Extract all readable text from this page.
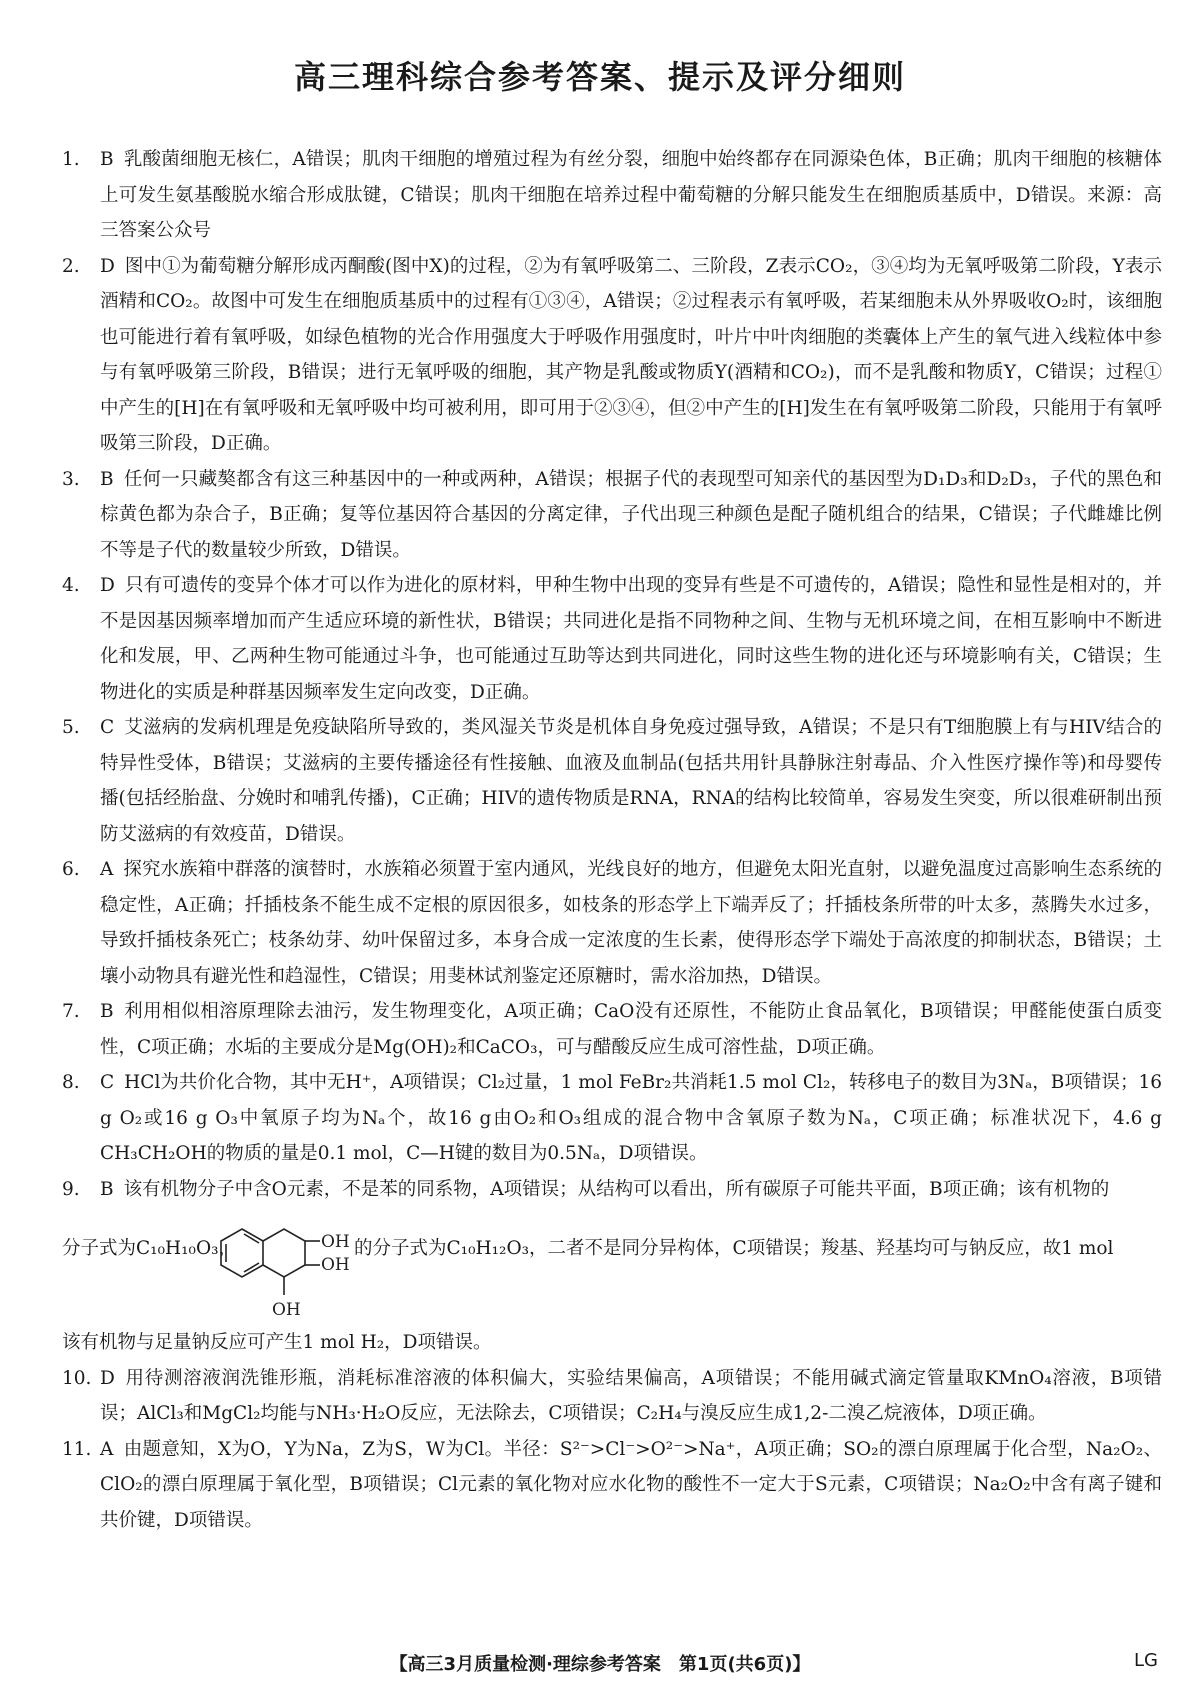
高三理科综合参考答案、提示及评分细则

1. B 乳酸菌细胞无核仁，A错误；肌肉干细胞的增殖过程为有丝分裂，细胞中始终都存在同源染色体，B正确；肌肉干细胞的核糖体上可发生氨基酸脱水缩合形成肽键，C错误；肌肉干细胞在培养过程中葡萄糖的分解只能发生在细胞质基质中，D错误。来源：高三答案公众号

2. D 图中①为葡萄糖分解形成丙酮酸(图中X)的过程，②为有氧呼吸第二、三阶段，Z表示CO₂，③④均为无氧呼吸第二阶段，Y表示酒精和CO₂。故图中可发生在细胞质基质中的过程有①③④，A错误；②过程表示有氧呼吸，若某细胞未从外界吸收O₂时，该细胞也可能进行着有氧呼吸，如绿色植物的光合作用强度大于呼吸作用强度时，叶片中叶肉细胞的类囊体上产生的氧气进入线粒体中参与有氧呼吸第三阶段，B错误；进行无氧呼吸的细胞，其产物是乳酸或物质Y(酒精和CO₂)，而不是乳酸和物质Y，C错误；过程①中产生的[H]在有氧呼吸和无氧呼吸中均可被利用，即可用于②③④，但②中产生的[H]发生在有氧呼吸第二阶段，只能用于有氧呼吸第三阶段，D正确。

3. B 任何一只藏獒都含有这三种基因中的一种或两种，A错误；根据子代的表现型可知亲代的基因型为D₁D₃和D₂D₃，子代的黑色和棕黄色都为杂合子，B正确；复等位基因符合基因的分离定律，子代出现三种颜色是配子随机组合的结果，C错误；子代雌雄比例不等是子代的数量较少所致，D错误。

4. D 只有可遗传的变异个体才可以作为进化的原材料，甲种生物中出现的变异有些是不可遗传的，A错误；隐性和显性是相对的，并不是因基因频率增加而产生适应环境的新性状，B错误；共同进化是指不同物种之间、生物与无机环境之间，在相互影响中不断进化和发展，甲、乙两种生物可能通过斗争，也可能通过互助等达到共同进化，同时这些生物的进化还与环境影响有关，C错误；生物进化的实质是种群基因频率发生定向改变，D正确。

5. C 艾滋病的发病机理是免疫缺陷所导致的，类风湿关节炎是机体自身免疫过强导致，A错误；不是只有T细胞膜上有与HIV结合的特异性受体，B错误；艾滋病的主要传播途径有性接触、血液及血制品(包括共用针具静脉注射毒品、介入性医疗操作等)和母婴传播(包括经胎盘、分娩时和哺乳传播)，C正确；HIV的遗传物质是RNA，RNA的结构比较简单，容易发生突变，所以很难研制出预防艾滋病的有效疫苗，D错误。

6. A 探究水族箱中群落的演替时，水族箱必须置于室内通风，光线良好的地方，但避免太阳光直射，以避免温度过高影响生态系统的稳定性，A正确；扦插枝条不能生成不定根的原因很多，如枝条的形态学上下端弄反了；扦插枝条所带的叶太多，蒸腾失水过多，导致扦插枝条死亡；枝条幼芽、幼叶保留过多，本身合成一定浓度的生长素，使得形态学下端处于高浓度的抑制状态，B错误；土壤小动物具有避光性和趋湿性，C错误；用斐林试剂鉴定还原糖时，需水浴加热，D错误。

7. B 利用相似相溶原理除去油污，发生物理变化，A项正确；CaO没有还原性，不能防止食品氧化，B项错误；甲醛能使蛋白质变性，C项正确；水垢的主要成分是Mg(OH)₂和CaCO₃，可与醋酸反应生成可溶性盐，D项正确。

8. C HCl为共价化合物，其中无H⁺，A项错误；Cl₂过量，1 mol FeBr₂共消耗1.5 mol Cl₂，转移电子的数目为3Nₐ，B项错误；16 g O₂或16 g O₃中氧原子均为Nₐ个，故16 g由O₂和O₃组成的混合物中含氧原子数为Nₐ，C项正确；标准状况下，4.6 g CH₃CH₂OH的物质的量是0.1 mol，C—H键的数目为0.5Nₐ，D项错误。

9. B 该有机物分子中含O元素，不是苯的同系物，A项错误；从结构可以看出，所有碳原子可能共平面，B项正确；该有机物的

分子式为C₁₀H₁₀O₃，	OH
OH
OH
的分子式为C₁₀H₁₂O₃，二者不是同分异构体，C项错误；羧基、羟基均可与钠反应，故1 mol

该有机物与足量钠反应可产生1 mol H₂，D项错误。

10. D 用待测溶液润洗锥形瓶，消耗标准溶液的体积偏大，实验结果偏高，A项错误；不能用碱式滴定管量取KMnO₄溶液，B项错误；AlCl₃和MgCl₂均能与NH₃·H₂O反应，无法除去，C项错误；C₂H₄与溴反应生成1,2-二溴乙烷液体，D项正确。

11. A 由题意知，X为O，Y为Na，Z为S，W为Cl。半径：S²⁻>Cl⁻>O²⁻>Na⁺，A项正确；SO₂的漂白原理属于化合型，Na₂O₂、ClO₂的漂白原理属于氧化型，B项错误；Cl元素的氧化物对应水化物的酸性不一定大于S元素，C项错误；Na₂O₂中含有离子键和共价键，D项错误。

【高三3月质量检测·理综参考答案　第1页(共6页)】	LG
